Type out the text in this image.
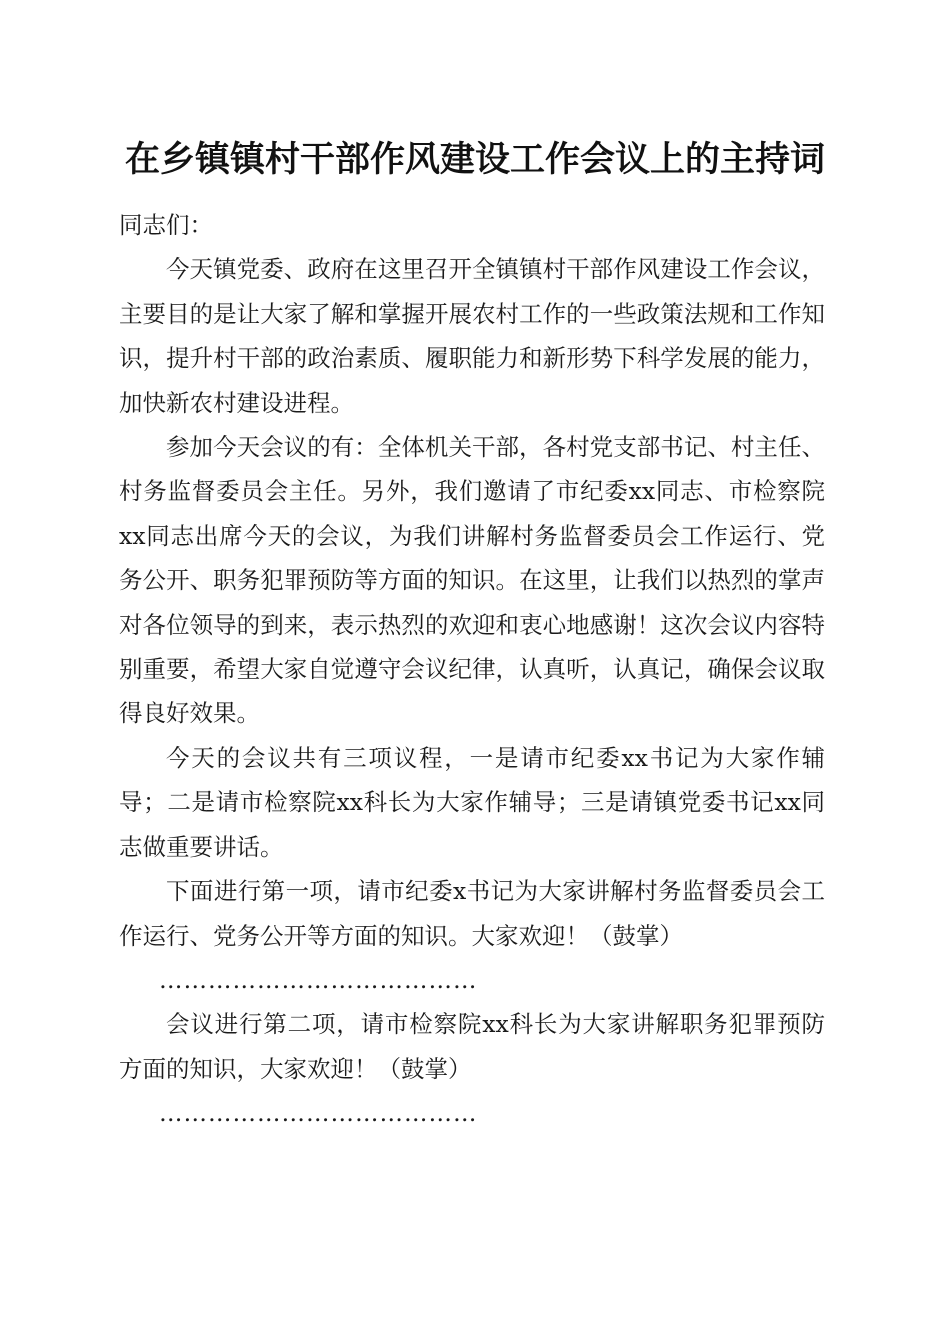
在乡镇镇村干部作风建设工作会议上的主持词

同志们：

今天镇党委、政府在这里召开全镇镇村干部作风建设工作会议，主要目的是让大家了解和掌握开展农村工作的一些政策法规和工作知识，提升村干部的政治素质、履职能力和新形势下科学发展的能力，加快新农村建设进程。

参加今天会议的有：全体机关干部，各村党支部书记、村主任、村务监督委员会主任。另外，我们邀请了市纪委xx同志、市检察院xx同志出席今天的会议，为我们讲解村务监督委员会工作运行、党务公开、职务犯罪预防等方面的知识。在这里，让我们以热烈的掌声对各位领导的到来，表示热烈的欢迎和衷心地感谢！这次会议内容特别重要，希望大家自觉遵守会议纪律，认真听，认真记，确保会议取得良好效果。

今天的会议共有三项议程，一是请市纪委xx书记为大家作辅导；二是请市检察院xx科长为大家作辅导；三是请镇党委书记xx同志做重要讲话。

下面进行第一项，请市纪委x书记为大家讲解村务监督委员会工作运行、党务公开等方面的知识。大家欢迎！（鼓掌）

…………………………………

会议进行第二项，请市检察院xx科长为大家讲解职务犯罪预防方面的知识，大家欢迎！（鼓掌）

…………………………………
